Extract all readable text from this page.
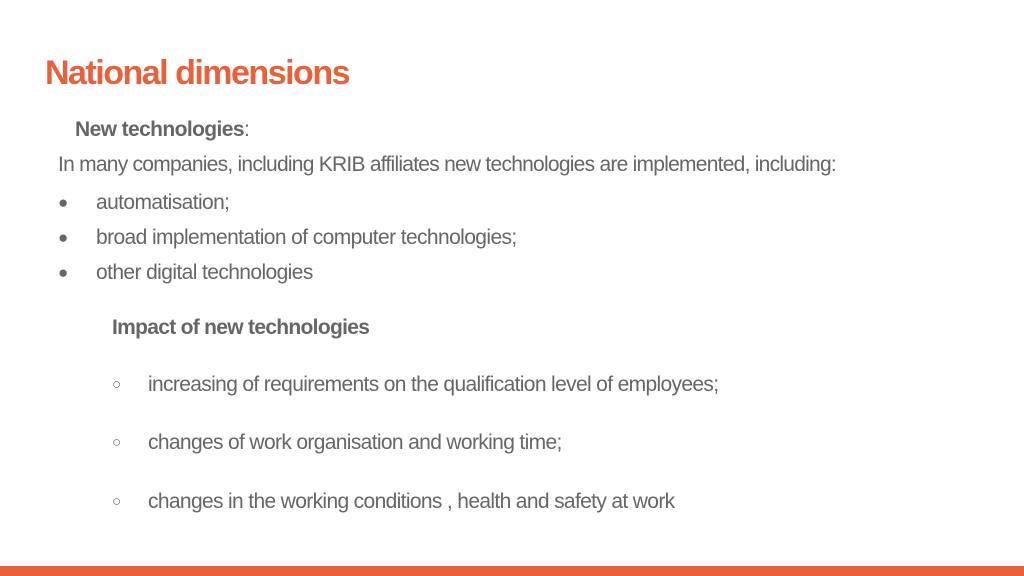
National dimensions
New technologies:
In many companies, including KRIB affiliates new technologies are implemented, including:
●	automatisation;
●	broad implementation of computer technologies;
●	other digital technologies
Impact of new technologies
○	increasing of requirements on the qualification level of employees;
○	changes of work organisation and working time;
○	changes in the working conditions , health and safety at work
